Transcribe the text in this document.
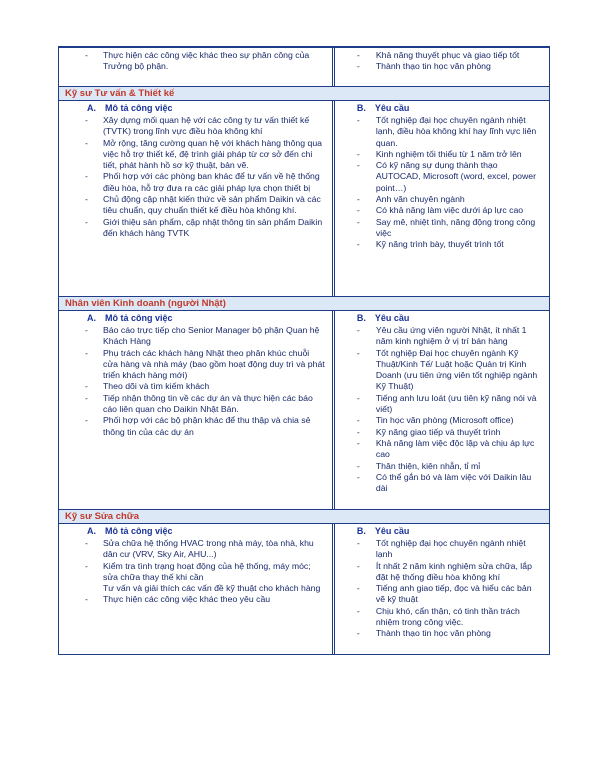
- Thực hiện các công việc khác theo sự phân công của Trưởng bộ phận.
- Khả năng thuyết phục và giao tiếp tốt
- Thành thạo tin học văn phòng
Kỹ sư Tư vấn & Thiết kế
A. Mô tả công việc
- Xây dựng mối quan hệ với các công ty tư vấn thiết kế (TVTK) trong lĩnh vực điều hòa không khí
- Mở rộng, tăng cường quan hệ với khách hàng thông qua việc hỗ trợ thiết kế, đệ trình giải pháp từ cơ sở đến chi tiết, phát hành hồ sơ kỹ thuật, bản vẽ.
- Phối hợp với các phòng ban khác để tư vấn về hệ thống điều hòa, hỗ trợ đưa ra các giải pháp lựa chọn thiết bị
- Chủ động cập nhật kiến thức về sản phẩm Daikin và các tiêu chuẩn, quy chuẩn thiết kế điều hòa không khí.
- Giới thiệu sản phẩm, cập nhật thông tin sản phẩm Daikin đến khách hàng TVTK
B. Yêu cầu
- Tốt nghiệp đại học chuyên ngành nhiệt lạnh, điều hòa không khí hay lĩnh vực liên quan.
- Kinh nghiệm tối thiểu từ 1 năm trở lên
- Có kỹ năng sự dụng thành thạo AUTOCAD, Microsoft (word, excel, power point…)
- Anh văn chuyên ngành
- Có khả năng làm việc dưới áp lực cao
- Say mê, nhiệt tình, năng động trong công việc
- Kỹ năng trình bày, thuyết trình tốt
Nhân viên Kinh doanh (người Nhật)
A. Mô tả công việc
- Báo cáo trực tiếp cho Senior Manager bộ phận Quan hệ Khách Hàng
- Phụ trách các khách hàng Nhật theo phân khúc chuỗi cửa hàng và nhà máy (bao gồm hoạt động duy trì và phát triển khách hàng mới)
- Theo dõi và tìm kiếm khách
- Tiếp nhận thông tin về các dự án và thực hiện các báo cáo liên quan cho Daikin Nhật Bản.
- Phối hợp với các bộ phận khác để thu thập và chia sẻ thông tin của các dự án
B. Yêu cầu
- Yêu cầu ứng viên người Nhật, ít nhất 1 năm kinh nghiệm ở vị trí bán hàng
- Tốt nghiệp Đại học chuyên ngành Kỹ Thuật/Kinh Tế/ Luật hoặc Quản trị Kinh Doanh (ưu tiên ứng viên tốt nghiệp ngành Kỹ Thuật)
- Tiếng anh lưu loát (ưu tiên kỹ năng nói và viết)
- Tin học văn phòng (Microsoft office)
- Kỹ năng giao tiếp và thuyết trình
- Khả năng làm việc độc lập và chịu áp lực cao
- Thân thiện, kiên nhẫn, tỉ mỉ
- Có thể gắn bó và làm việc với Daikin lâu dài
Kỹ sư Sửa chữa
A. Mô tả công việc
- Sửa chữa hệ thống HVAC trong nhà máy, tòa nhà, khu dân cư (VRV, Sky Air, AHU...)
- Kiểm tra tình trạng hoạt động của hệ thống, máy móc; sửa chữa thay thế khi cần
Tư vấn và giải thích các vấn đề kỹ thuật cho khách hàng
- Thực hiện các công việc khác theo yêu cầu
B. Yêu cầu
- Tốt nghiệp đại học chuyên ngành nhiệt lạnh
- Ít nhất 2 năm kinh nghiệm sửa chữa, lắp đặt hệ thống điều hòa không khí
- Tiếng anh giao tiếp, đọc và hiểu các bản vẽ kỹ thuật
- Chịu khó, cẩn thận, có tinh thần trách nhiệm trong công việc.
- Thành thạo tin học văn phòng
